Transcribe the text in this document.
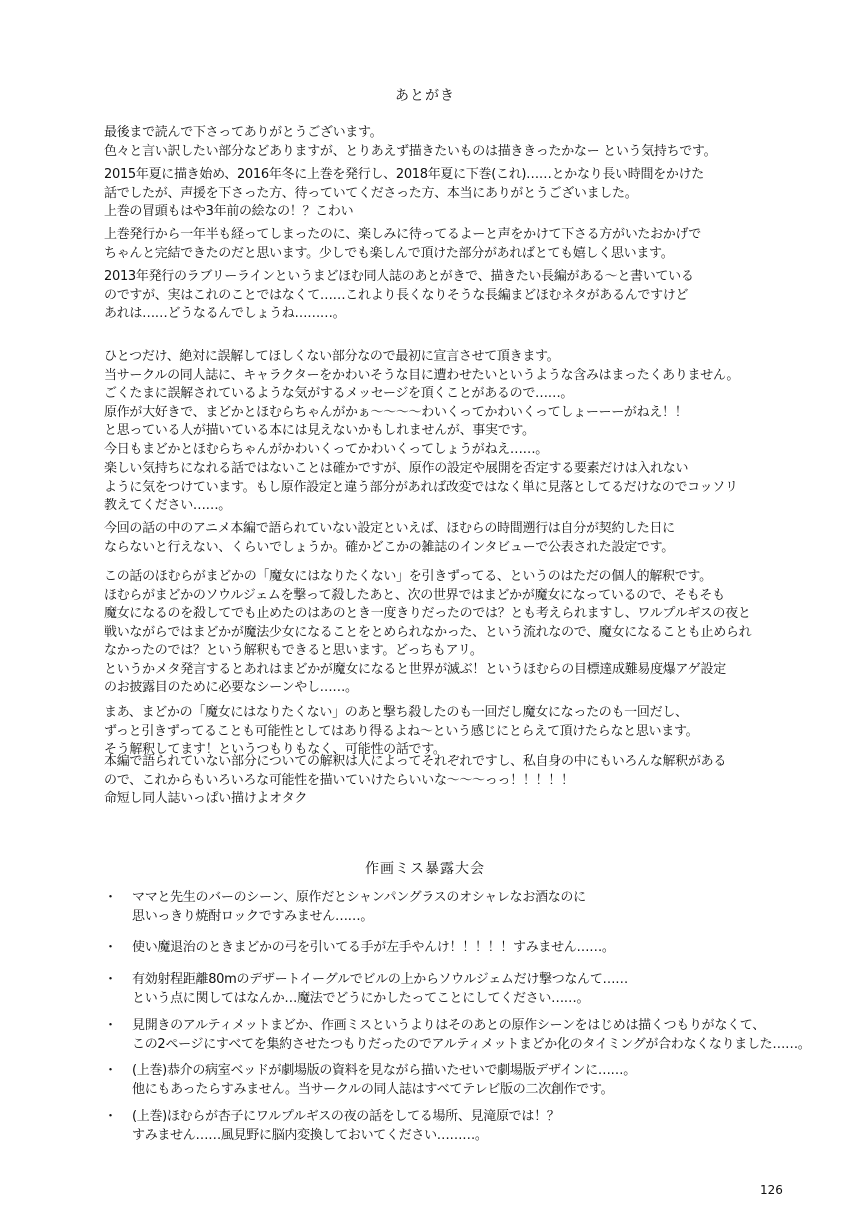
あとがき
最後まで読んで下さってありがとうございます。
色々と言い訳したい部分などありますが、とりあえず描きたいものは描ききったかなー という気持ちです。
2015年夏に描き始め、2016年冬に上巻を発行し、2018年夏に下巻(これ)……とかなり長い時間をかけた
話でしたが、声援を下さった方、待っていてくださった方、本当にありがとうございました。
上巻の冒頭もはや3年前の絵なの！？こわい
上巻発行から一年半も経ってしまったのに、楽しみに待ってるよーと声をかけて下さる方がいたおかげで
ちゃんと完結できたのだと思います。少しでも楽しんで頂けた部分があればとても嬉しく思います。
2013年発行のラブリーラインというまどほむ同人誌のあとがきで、描きたい長編がある～と書いている
のですが、実はこれのことではなくて……これより長くなりそうな長編まどほむネタがあるんですけど
あれは……どうなるんでしょうね………。
ひとつだけ、絶対に誤解してほしくない部分なので最初に宣言させて頂きます。
当サークルの同人誌に、キャラクターをかわいそうな目に遭わせたいというような含みはまったくありません。
ごくたまに誤解されているような気がするメッセージを頂くことがあるので……。
原作が大好きで、まどかとほむらちゃんがかぁ～～～～わいくってかわいくってしょーーーがねえ！！
と思っている人が描いている本には見えないかもしれませんが、事実です。
今日もまどかとほむらちゃんがかわいくってかわいくってしょうがねえ……。
楽しい気持ちになれる話ではないことは確かですが、原作の設定や展開を否定する要素だけは入れない
ように気をつけています。もし原作設定と違う部分があれば改変ではなく単に見落としてるだけなのでコッソリ
教えてください……。
今回の話の中のアニメ本編で語られていない設定といえば、ほむらの時間遡行は自分が契約した日に
ならないと行えない、くらいでしょうか。確かどこかの雑誌のインタビューで公表された設定です。
この話のほむらがまどかの「魔女にはなりたくない」を引きずってる、というのはただの個人的解釈です。
ほむらがまどかのソウルジェムを撃って殺したあと、次の世界ではまどかが魔女になっているので、そもそも
魔女になるのを殺してでも止めたのはあのとき一度きりだったのでは？とも考えられますし、ワルプルギスの夜と
戦いながらではまどかが魔法少女になることをとめられなかった、という流れなので、魔女になることも止められ
なかったのでは？という解釈もできると思います。どっちもアリ。
というかメタ発言するとあれはまどかが魔女になると世界が滅ぶ！というほむらの目標達成難易度爆アゲ設定
のお披露目のために必要なシーンやし……。
まあ、まどかの「魔女にはなりたくない」のあと撃ち殺したのも一回だし魔女になったのも一回だし、
ずっと引きずってることも可能性としてはあり得るよね～という感じにとらえて頂けたらなと思います。
そう解釈してます！というつもりもなく、可能性の話です。
本編で語られていない部分についての解釈は人によってそれぞれですし、私自身の中にもいろんな解釈がある
ので、これからもいろいろな可能性を描いていけたらいいな～～～っっ！！！！！
命短し同人誌いっぱい描けよオタク
作画ミス暴露大会
・ ママと先生のバーのシーン、原作だとシャンパングラスのオシャレなお酒なのに
思いっきり焼酎ロックですみません……。
・ 使い魔退治のときまどかの弓を引いてる手が左手やんけ！！！！！すみません……。
・ 有効射程距離80mのデザートイーグルでビルの上からソウルジェムだけ撃つなんて……
という点に関してはなんか…魔法でどうにかしたってことにしてください……。
・ 見開きのアルティメットまどか、作画ミスというよりはそのあとの原作シーンをはじめは描くつもりがなくて、
この2ページにすべてを集約させたつもりだったのでアルティメットまどか化のタイミングが合わなくなりました……。
・ (上巻)恭介の病室ベッドが劇場版の資料を見ながら描いたせいで劇場版デザインに……。
他にもあったらすみません。当サークルの同人誌はすべてテレビ版の二次創作です。
・ (上巻)ほむらが杏子にワルプルギスの夜の話をしてる場所、見滝原では！？
すみません……風見野に脳内変換しておいてください………。
126
